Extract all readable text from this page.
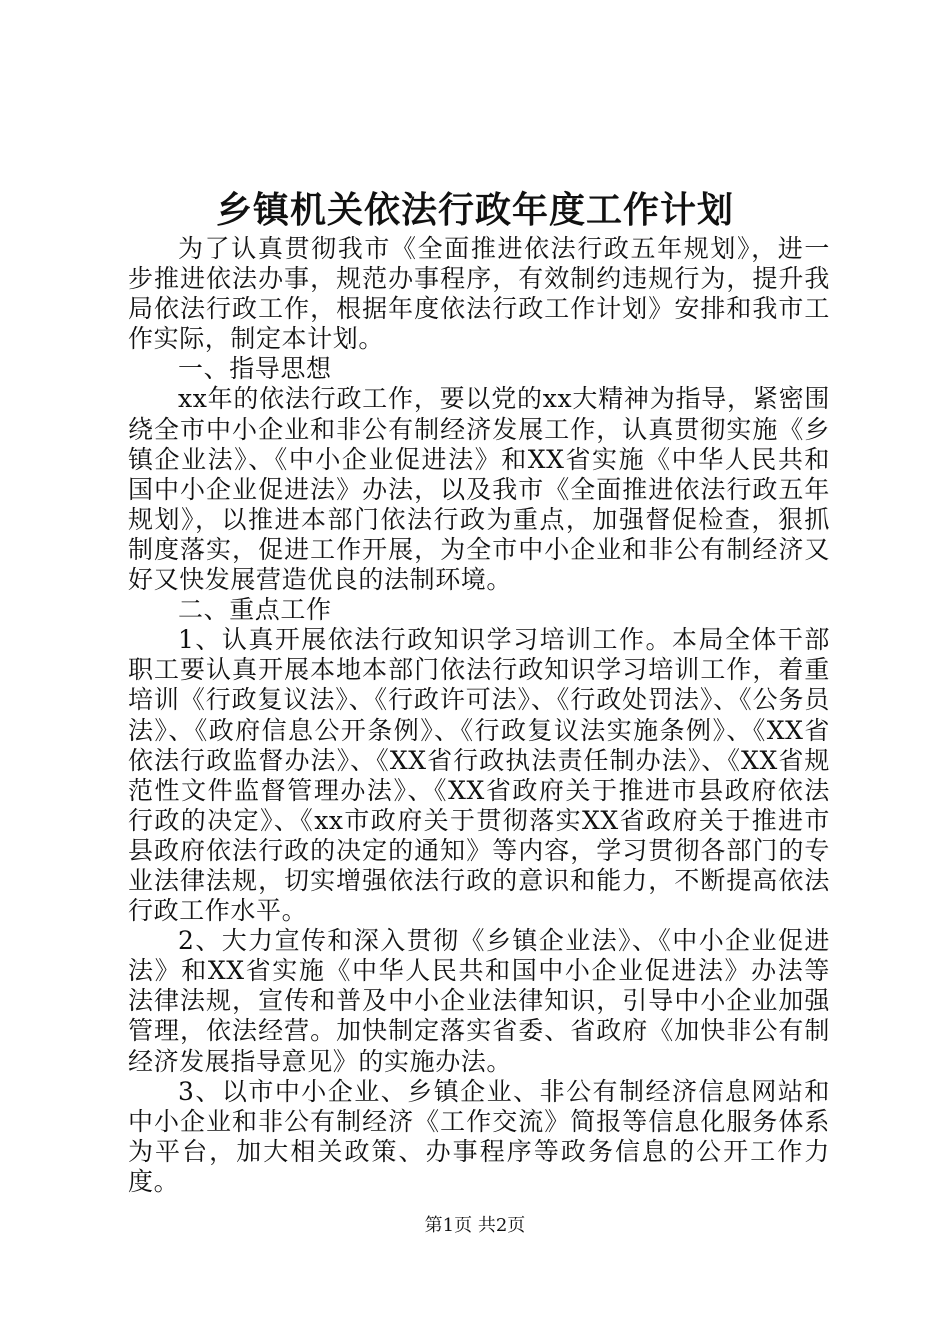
乡镇机关依法行政年度工作计划

为了认真贯彻我市《全面推进依法行政五年规划》，进一步推进依法办事，规范办事程序，有效制约违规行为，提升我局依法行政工作，根据年度依法行政工作计划》安排和我市工作实际，制定本计划。

一、指导思想

xx年的依法行政工作，要以党的xx大精神为指导，紧密围绕全市中小企业和非公有制经济发展工作，认真贯彻实施《乡镇企业法》、《中小企业促进法》和XX省实施《中华人民共和国中小企业促进法》办法，以及我市《全面推进依法行政五年规划》，以推进本部门依法行政为重点，加强督促检查，狠抓制度落实，促进工作开展，为全市中小企业和非公有制经济又好又快发展营造优良的法制环境。

二、重点工作

1、认真开展依法行政知识学习培训工作。本局全体干部职工要认真开展本地本部门依法行政知识学习培训工作，着重培训《行政复议法》、《行政许可法》、《行政处罚法》、《公务员法》、《政府信息公开条例》、《行政复议法实施条例》、《XX省依法行政监督办法》、《XX省行政执法责任制办法》、《XX省规范性文件监督管理办法》、《XX省政府关于推进市县政府依法行政的决定》、《xx市政府关于贯彻落实XX省政府关于推进市县政府依法行政的决定的通知》等内容，学习贯彻各部门的专业法律法规，切实增强依法行政的意识和能力，不断提高依法行政工作水平。

2、大力宣传和深入贯彻《乡镇企业法》、《中小企业促进法》和XX省实施《中华人民共和国中小企业促进法》办法等法律法规，宣传和普及中小企业法律知识，引导中小企业加强管理，依法经营。加快制定落实省委、省政府《加快非公有制经济发展指导意见》的实施办法。

3、以市中小企业、乡镇企业、非公有制经济信息网站和中小企业和非公有制经济《工作交流》简报等信息化服务体系为平台，加大相关政策、办事程序等政务信息的公开工作力度。

第1页 共2页
